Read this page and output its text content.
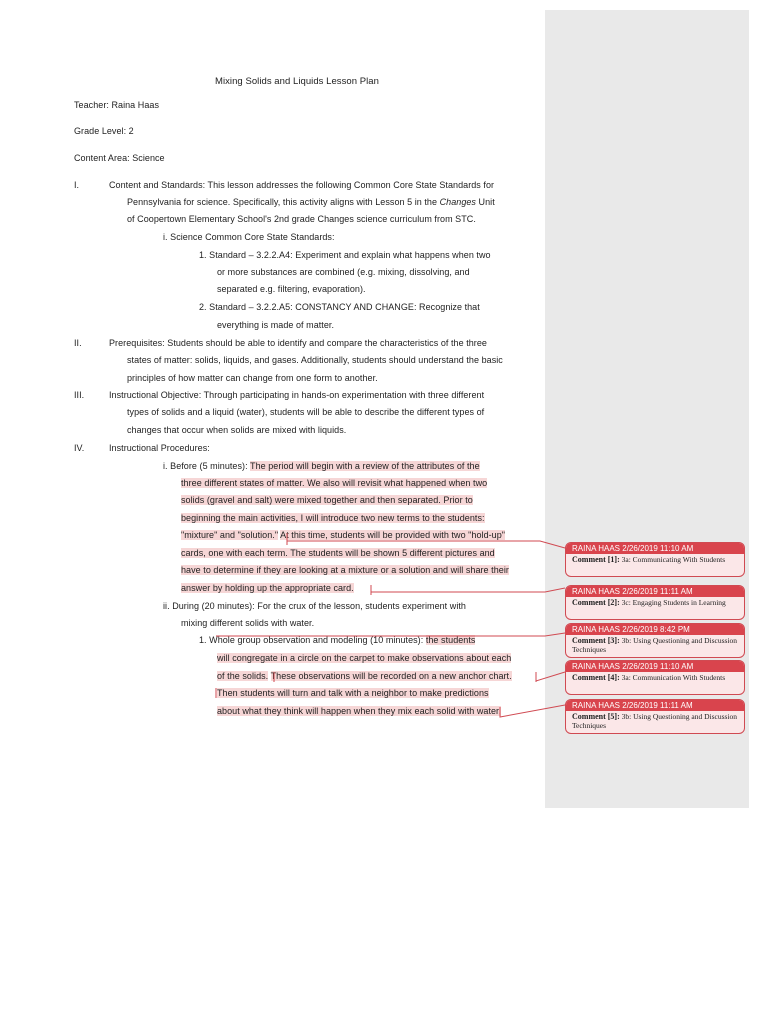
Mixing Solids and Liquids Lesson Plan
Teacher: Raina Haas
Grade Level: 2
Content Area: Science
I.	Content and Standards: This lesson addresses the following Common Core State Standards for
Pennsylvania for science. Specifically, this activity aligns with Lesson 5 in the Changes Unit
of Coopertown Elementary School's 2nd grade Changes science curriculum from STC.
i. Science Common Core State Standards:
1. Standard – 3.2.2.A4: Experiment and explain what happens when two
or more substances are combined (e.g. mixing, dissolving, and
separated e.g. filtering, evaporation).
2. Standard – 3.2.2.A5: CONSTANCY AND CHANGE: Recognize that
everything is made of matter.
II.	Prerequisites: Students should be able to identify and compare the characteristics of the three
states of matter: solids, liquids, and gases. Additionally, students should understand the basic
principles of how matter can change from one form to another.
III.	Instructional Objective: Through participating in hands-on experimentation with three different
types of solids and a liquid (water), students will be able to describe the different types of
changes that occur when solids are mixed with liquids.
IV.	Instructional Procedures:
i. Before (5 minutes): The period will begin with a review of the attributes of the
three different states of matter. We also will revisit what happened when two
solids (gravel and salt) were mixed together and then separated. Prior to
beginning the main activities, I will introduce two new terms to the students:
"mixture" and "solution." At this time, students will be provided with two "hold-up"
cards, one with each term. The students will be shown 5 different pictures and
have to determine if they are looking at a mixture or a solution and will share their
answer by holding up the appropriate card.
ii. During (20 minutes): For the crux of the lesson, students experiment with
mixing different solids with water.
1. Whole group observation and modeling (10 minutes): the students
will congregate in a circle on the carpet to make observations about each
of the solids. These observations will be recorded on a new anchor chart.
Then students will turn and talk with a neighbor to make predictions
about what they think will happen when they mix each solid with water.
RAINA HAAS 2/26/2019 11:10 AM
Comment [1]: 3a: Communicating With Students
RAINA HAAS 2/26/2019 11:11 AM
Comment [2]: 3c: Engaging Students in Learning
RAINA HAAS 2/26/2019 8:42 PM
Comment [3]: 3b: Using Questioning and Discussion Techniques
RAINA HAAS 2/26/2019 11:10 AM
Comment [4]: 3a: Communication With Students
RAINA HAAS 2/26/2019 11:11 AM
Comment [5]: 3b: Using Questioning and Discussion Techniques
